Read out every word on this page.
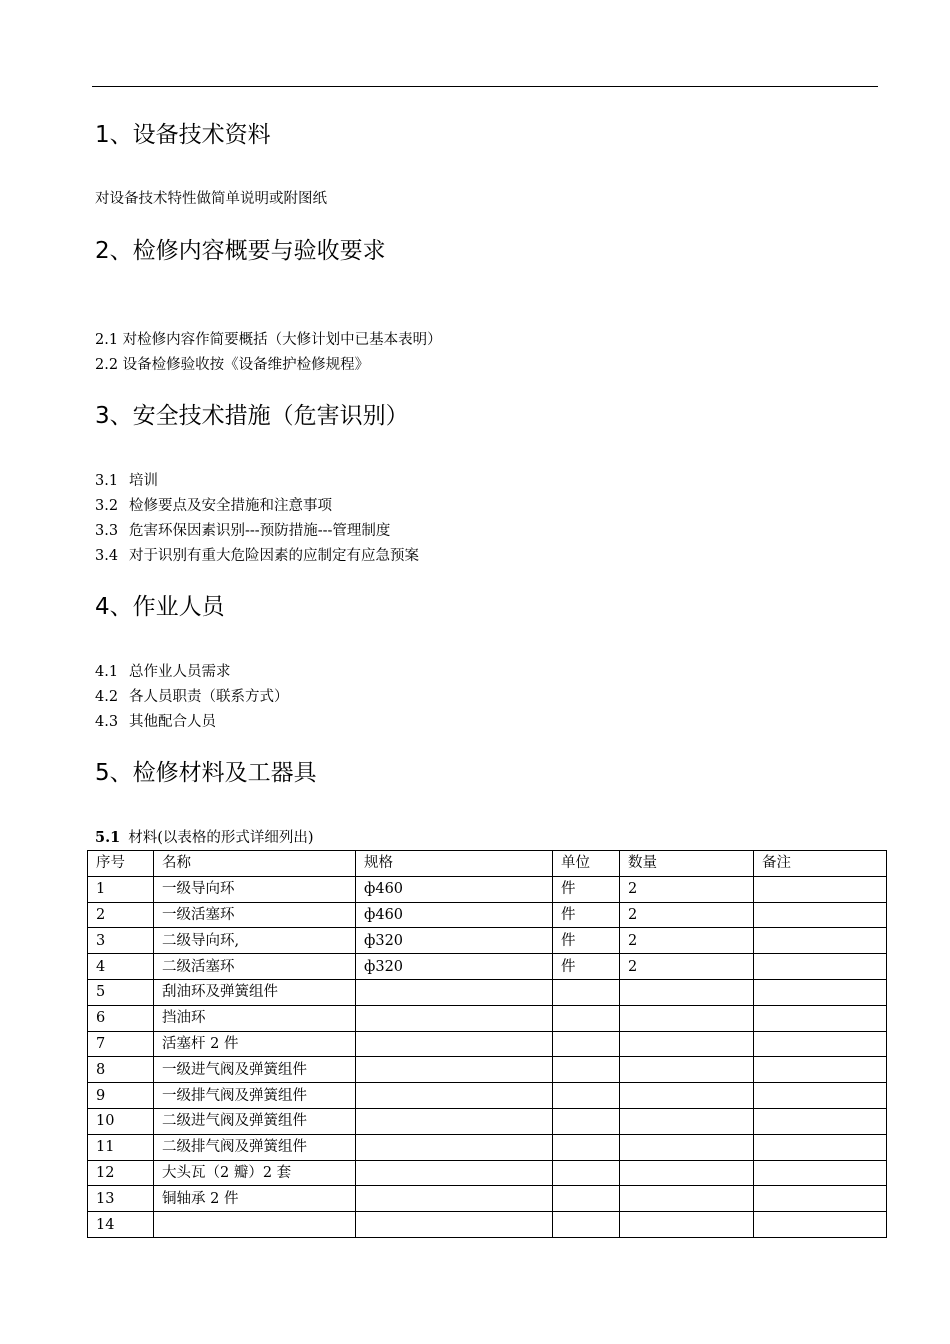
1、设备技术资料
对设备技术特性做简单说明或附图纸
2、检修内容概要与验收要求
2.1 对检修内容作简要概括（大修计划中已基本表明）
2.2 设备检修验收按《设备维护检修规程》
3、安全技术措施（危害识别）
3.1 培训
3.2 检修要点及安全措施和注意事项
3.3 危害环保因素识别---预防措施---管理制度
3.4 对于识别有重大危险因素的应制定有应急预案
4、作业人员
4.1 总作业人员需求
4.2 各人员职责（联系方式）
4.3 其他配合人员
5、检修材料及工器具
5.1 材料(以表格的形式详细列出)
序号	名称	规格	单位	数量	备注
1	一级导向环	ф460	件	2	
2	一级活塞环	ф460	件	2	
3	二级导向环,	ф320	件	2	
4	二级活塞环	ф320	件	2	
5	刮油环及弹簧组件				
6	挡油环				
7	活塞杆 2 件				
8	一级进气阀及弹簧组件				
9	一级排气阀及弹簧组件				
10	二级进气阀及弹簧组件				
11	二级排气阀及弹簧组件				
12	大头瓦（2 瓣）2 套				
13	铜轴承 2 件				
14					
